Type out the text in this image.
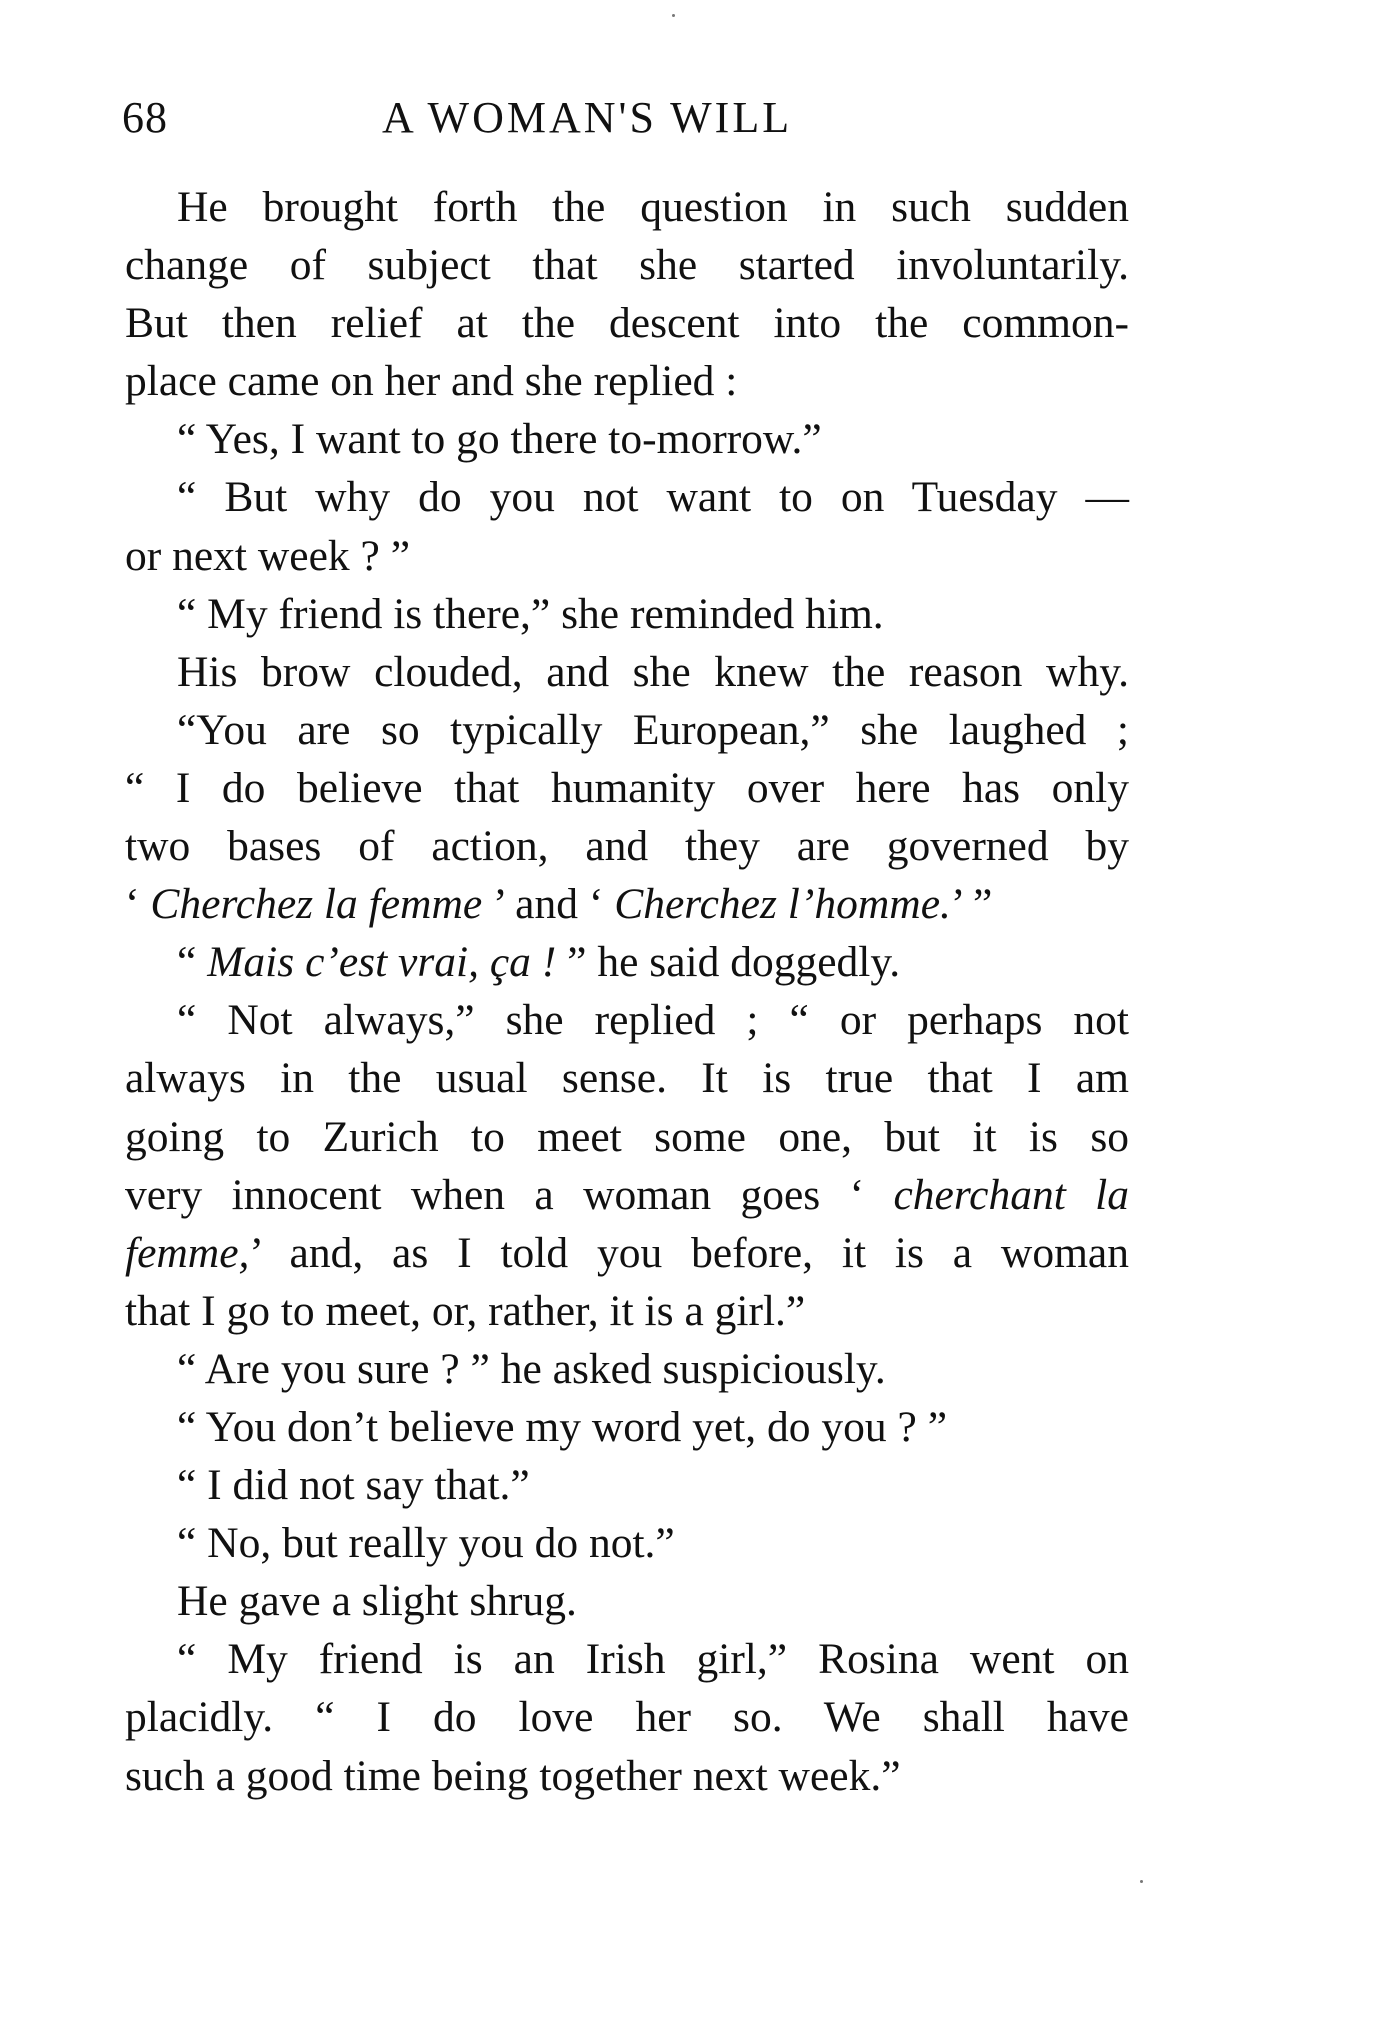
68	A WOMAN'S WILL
He brought forth the question in such sudden
change of subject that she started involuntarily.
But then relief at the descent into the common-
place came on her and she replied :
“ Yes, I want to go there to-morrow.”
“ But why do you not want to on Tuesday —
or next week ? ”
“ My friend is there,” she reminded him.
His brow clouded, and she knew the reason why.
“You are so typically European,” she laughed ;
“ I do believe that humanity over here has only
two bases of action, and they are governed by
‘ Cherchez la femme ’ and ‘ Cherchez l’homme.’ ”
“ Mais c’est vrai, ça ! ” he said doggedly.
“ Not always,” she replied ; “ or perhaps not
always in the usual sense. It is true that I am
going to Zurich to meet some one, but it is so
very innocent when a woman goes ‘ cherchant la
femme,’ and, as I told you before, it is a woman
that I go to meet, or, rather, it is a girl.”
“ Are you sure ? ” he asked suspiciously.
“ You don’t believe my word yet, do you ? ”
“ I did not say that.”
“ No, but really you do not.”
He gave a slight shrug.
“ My friend is an Irish girl,” Rosina went on
placidly. “ I do love her so. We shall have
such a good time being together next week.”
